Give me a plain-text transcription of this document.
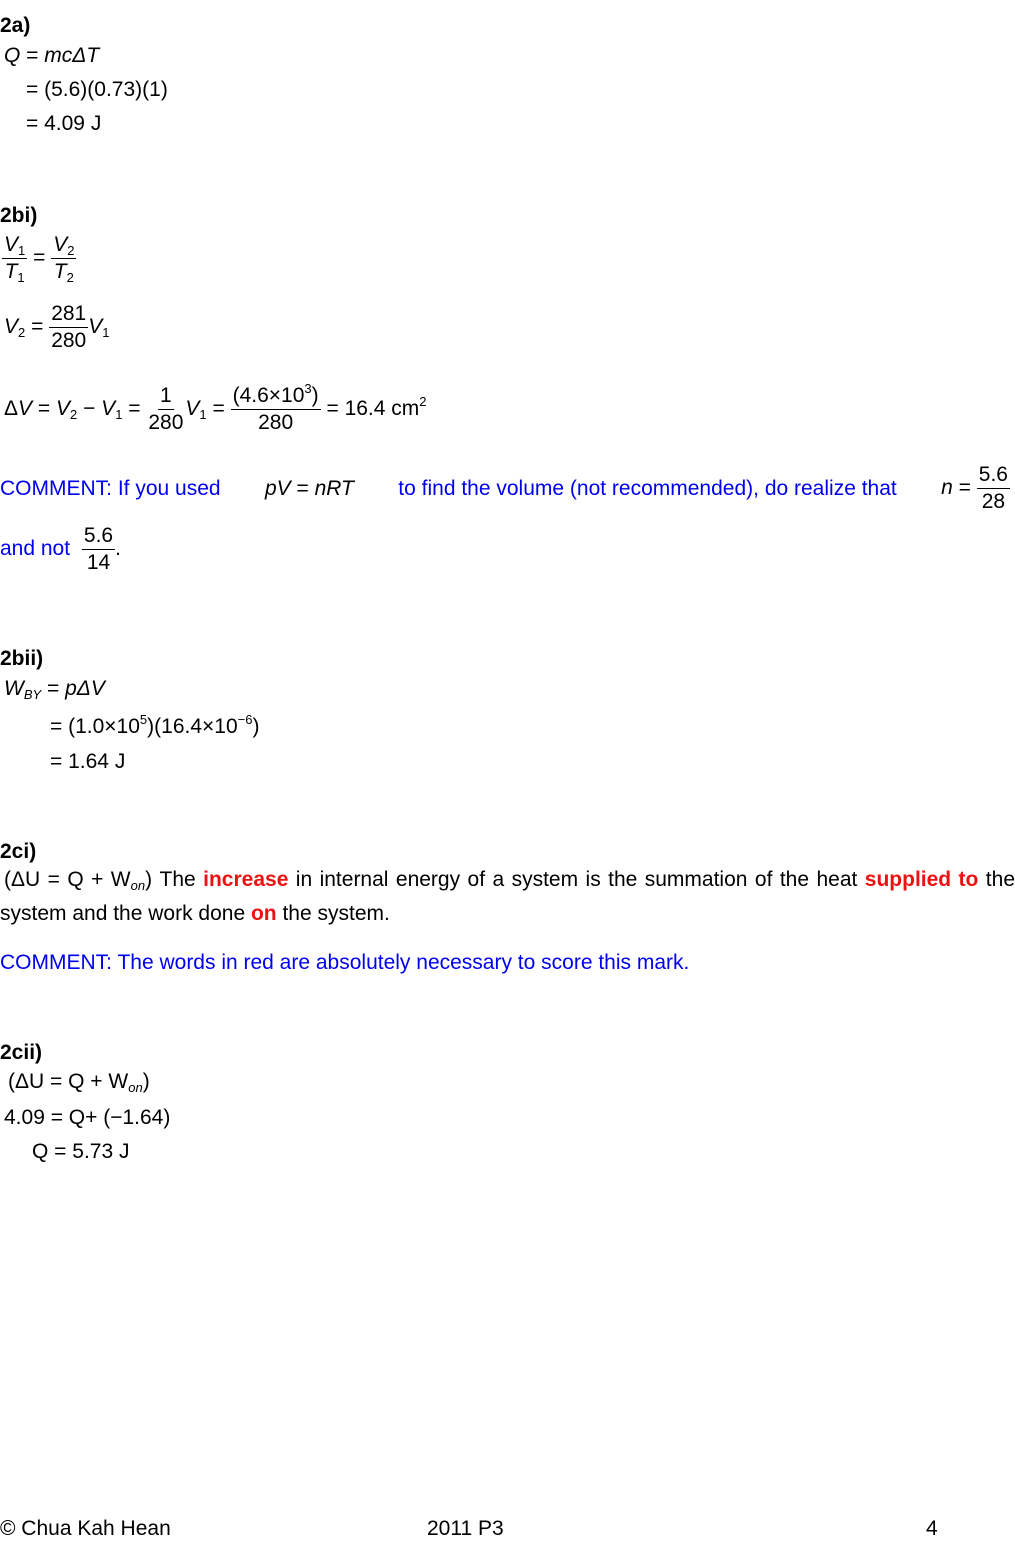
2a)
Q = mcΔT
= (5.6)(0.73)(1)
= 4.09 J
2bi)
$\frac{V_1}{T_1} = \frac{V_2}{T_2}$
$V_2 = \frac{281}{280} V_1$
$\Delta V = V_2 - V_1 = \frac{1}{280} V_1 = \frac{(4.6\times 10^3)}{280} = 16.4$ $cm^2$
COMMENT: If you used pV = nRT to find the volume (not recommended), do realize that $n = \frac{5.6}{28}$
and not $\frac{5.6}{14}$ .
2bii)
$W_{BY} = p\Delta V$
= $(1.0\times 10^5)(16.4\times 10^{-6})$
= 1.64 J
2ci)
$(\Delta U = Q + W_{on})$ The increase in internal energy of a system is the summation of the heat supplied to the system and the work done on the system.
COMMENT: The words in red are absolutely necessary to score this mark.
2cii)
$(\Delta U = Q + W_{on})$
4.09 = Q+ (−1.64)
Q = 5.73 J
© Chua Kah Hean	2011 P3	4
